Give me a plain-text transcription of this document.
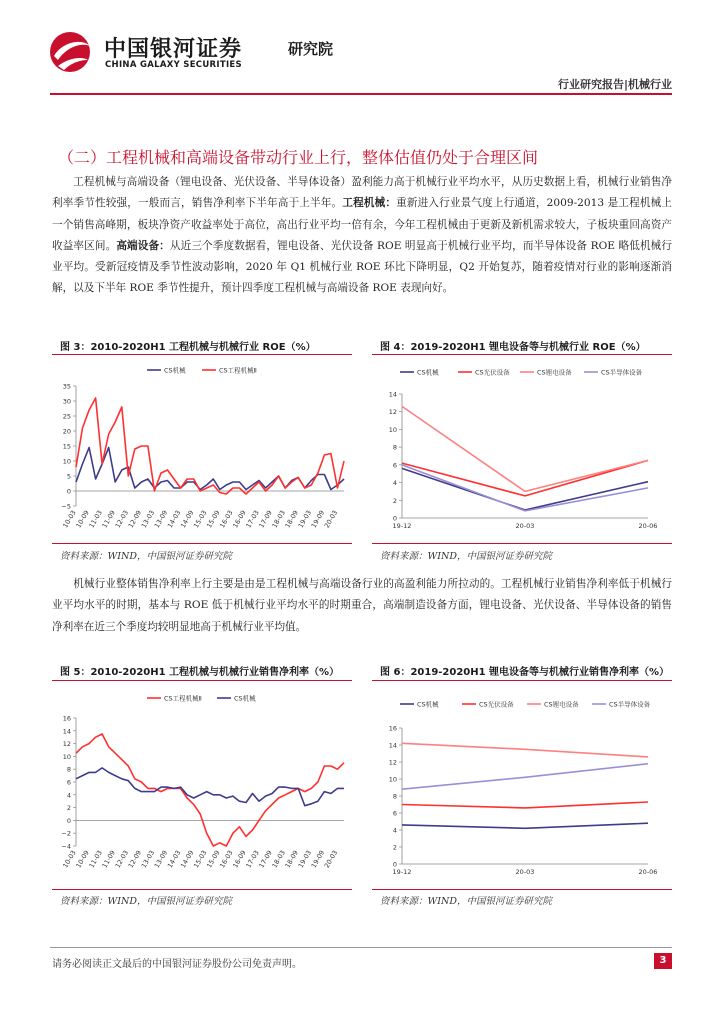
中国银河证券
CHINA GALAXY SECURITIES
研究院
行业研究报告|机械行业
（二）工程机械和高端设备带动行业上行，整体估值仍处于合理区间
工程机械与高端设备（锂电设备、光伏设备、半导体设备）盈利能力高于机械行业平均水平，从历史数据上看，机械行业销售净利率季节性较强，一般而言，销售净利率下半年高于上半年。工程机械：重新进入行业景气度上行通道，2009-2013 是工程机械上一个销售高峰期，板块净资产收益率处于高位，高出行业平均一倍有余，今年工程机械由于更新及新机需求较大，子板块重回高资产收益率区间。高端设备：从近三个季度数据看，锂电设备、光伏设备 ROE 明显高于机械行业平均，而半导体设备 ROE 略低机械行业平均。受新冠疫情及季节性波动影响，2020 年 Q1 机械行业 ROE 环比下降明显，Q2 开始复苏，随着疫情对行业的影响逐渐消解，以及下半年 ROE 季节性提升，预计四季度工程机械与高端设备 ROE 表现向好。
图 3：2010-2020H1 工程机械与机械行业 ROE（%）
−5
0
5
10
15
20
25
30
35
10-03
10-09
11-03
11-09
12-03
12-09
13-03
13-09
14-03
14-09
15-03
15-09
16-03
16-09
17-03
17-09
18-03
18-09
19-03
19-09
20-03
CS机械	CS工程机械Ⅱ
资料来源：WIND，中国银河证券研究院
图 4：2019-2020H1 锂电设备等与机械行业 ROE（%）
0
2
4
6
8
10
12
14
19-12	20-03	20-06
CS机械	CS光伏设备	CS锂电设备	CS半导体设备
资料来源：WIND，中国银河证券研究院
机械行业整体销售净利率上行主要是由是工程机械与高端设备行业的高盈利能力所拉动的。工程机械行业销售净利率低于机械行业平均水平的时期，基本与 ROE 低于机械行业平均水平的时期重合，高端制造设备方面，锂电设备、光伏设备、半导体设备的销售净利率在近三个季度均较明显地高于机械行业平均值。
图 5：2010-2020H1 工程机械与机械行业销售净利率（%）
−4
−2
0
2
4
6
8
10
12
14
16
10-03
10-09
11-03
11-09
12-03
12-09
13-03
13-09
14-03
14-09
15-03
15-09
16-03
16-09
17-03
17-09
18-03
18-09
19-03
19-09
20-03
CS工程机械Ⅱ	CS机械
资料来源：WIND，中国银河证券研究院
图 6：2019-2020H1 锂电设备等与机械行业销售净利率（%）
0
2
4
6
8
10
12
14
16
19-12	20-03	20-06
CS机械	CS光伏设备	CS锂电设备	CS半导体设备
资料来源：WIND，中国银河证券研究院
请务必阅读正文最后的中国银河证券股份公司免责声明。	3
